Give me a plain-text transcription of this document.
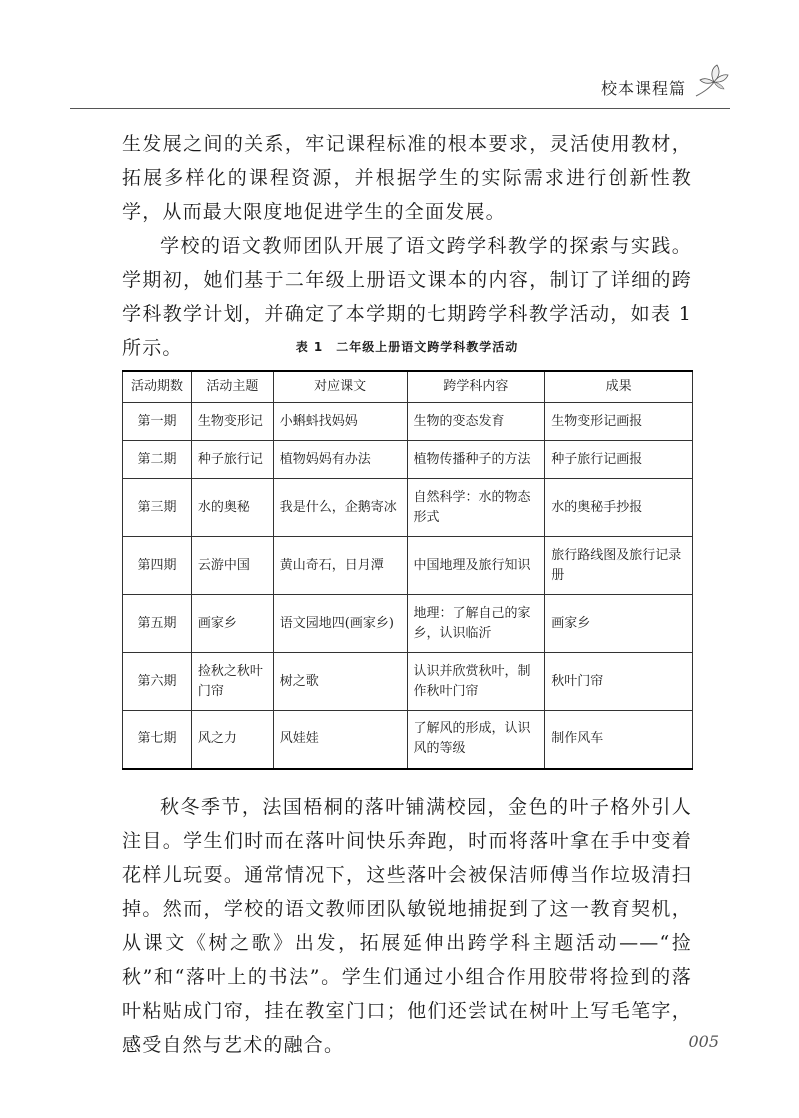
校本课程篇

生发展之间的关系，牢记课程标准的根本要求，灵活使用教材，拓展多样化的课程资源，并根据学生的实际需求进行创新性教学，从而最大限度地促进学生的全面发展。

学校的语文教师团队开展了语文跨学科教学的探索与实践。学期初，她们基于二年级上册语文课本的内容，制订了详细的跨学科教学计划，并确定了本学期的七期跨学科教学活动，如表 1 所示。	表 1　二年级上册语文跨学科教学活动
活动期数	活动主题	对应课文	跨学科内容	成果
第一期	生物变形记	小蝌蚪找妈妈	生物的变态发育	生物变形记画报
第二期	种子旅行记	植物妈妈有办法	植物传播种子的方法	种子旅行记画报
第三期	水的奥秘	我是什么，企鹅寄冰	自然科学：水的物态形式	水的奥秘手抄报
第四期	云游中国	黄山奇石，日月潭	中国地理及旅行知识	旅行路线图及旅行记录册
第五期	画家乡	语文园地四(画家乡)	地理：了解自己的家乡，认识临沂	画家乡
第六期	捡秋之秋叶门帘	树之歌	认识并欣赏秋叶，制作秋叶门帘	秋叶门帘
第七期	风之力	风娃娃	了解风的形成，认识风的等级	制作风车

秋冬季节，法国梧桐的落叶铺满校园，金色的叶子格外引人注目。学生们时而在落叶间快乐奔跑，时而将落叶拿在手中变着花样儿玩耍。通常情况下，这些落叶会被保洁师傅当作垃圾清扫掉。然而，学校的语文教师团队敏锐地捕捉到了这一教育契机，从课文《树之歌》出发，拓展延伸出跨学科主题活动——“捡秋”和“落叶上的书法”。学生们通过小组合作用胶带将捡到的落叶粘贴成门帘，挂在教室门口；他们还尝试在树叶上写毛笔字，感受自然与艺术的融合。	005
